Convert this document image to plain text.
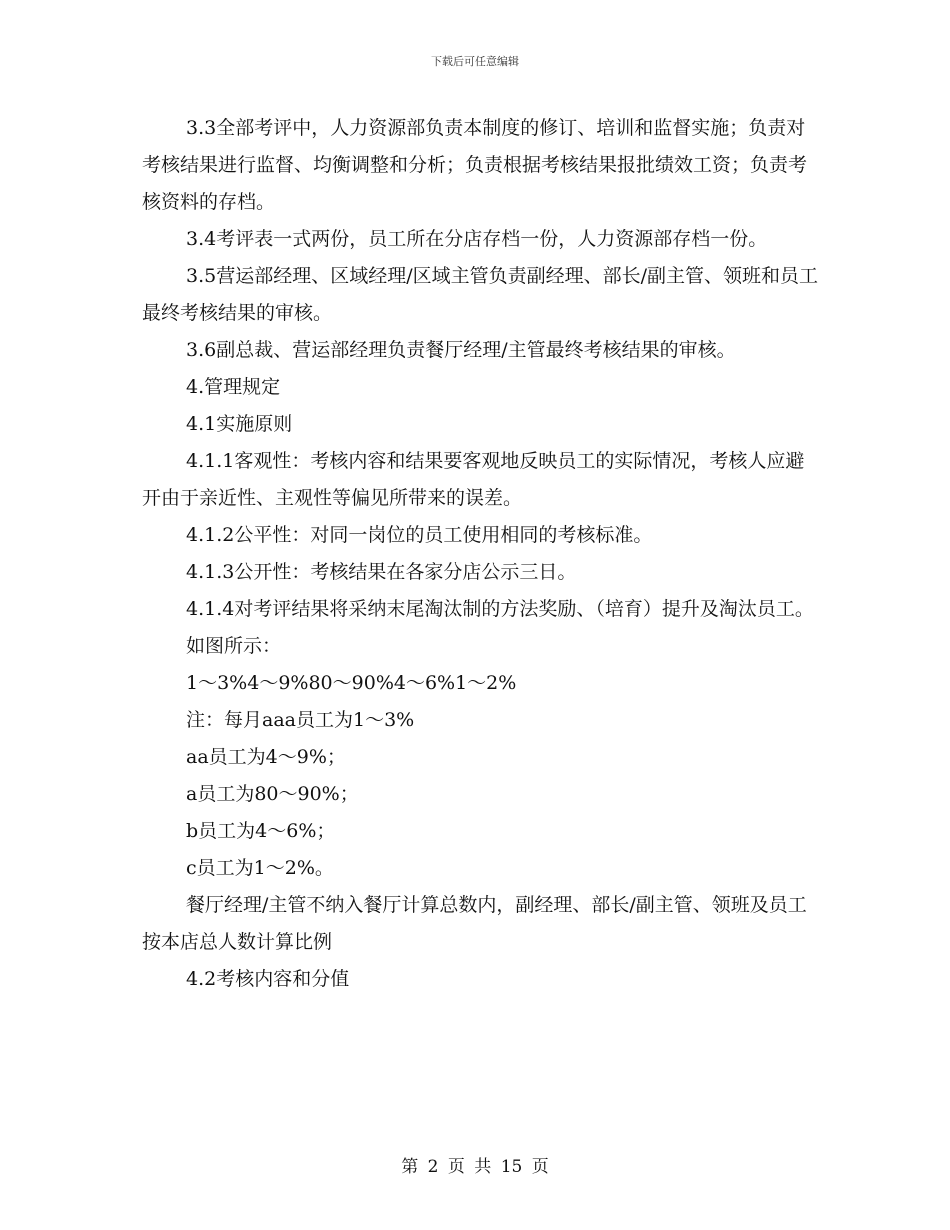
下载后可任意编辑

3.3全部考评中，人力资源部负责本制度的修订、培训和监督实施；负责对考核结果进行监督、均衡调整和分析；负责根据考核结果报批绩效工资；负责考核资料的存档。

3.4考评表一式两份，员工所在分店存档一份，人力资源部存档一份。

3.5营运部经理、区域经理/区域主管负责副经理、部长/副主管、领班和员工最终考核结果的审核。

3.6副总裁、营运部经理负责餐厅经理/主管最终考核结果的审核。

4.管理规定

4.1实施原则

4.1.1客观性：考核内容和结果要客观地反映员工的实际情况，考核人应避开由于亲近性、主观性等偏见所带来的误差。

4.1.2公平性：对同一岗位的员工使用相同的考核标准。

4.1.3公开性：考核结果在各家分店公示三日。

4.1.4对考评结果将采纳末尾淘汰制的方法奖励、（培育）提升及淘汰员工。

如图所示：

1～3%4～9%80～90%4～6%1～2%

注：每月aaa员工为1～3%

aa员工为4～9%；

a员工为80～90%；

b员工为4～6%；

c员工为1～2%。

餐厅经理/主管不纳入餐厅计算总数内，副经理、部长/副主管、领班及员工按本店总人数计算比例

4.2考核内容和分值

第 2 页 共 15 页
